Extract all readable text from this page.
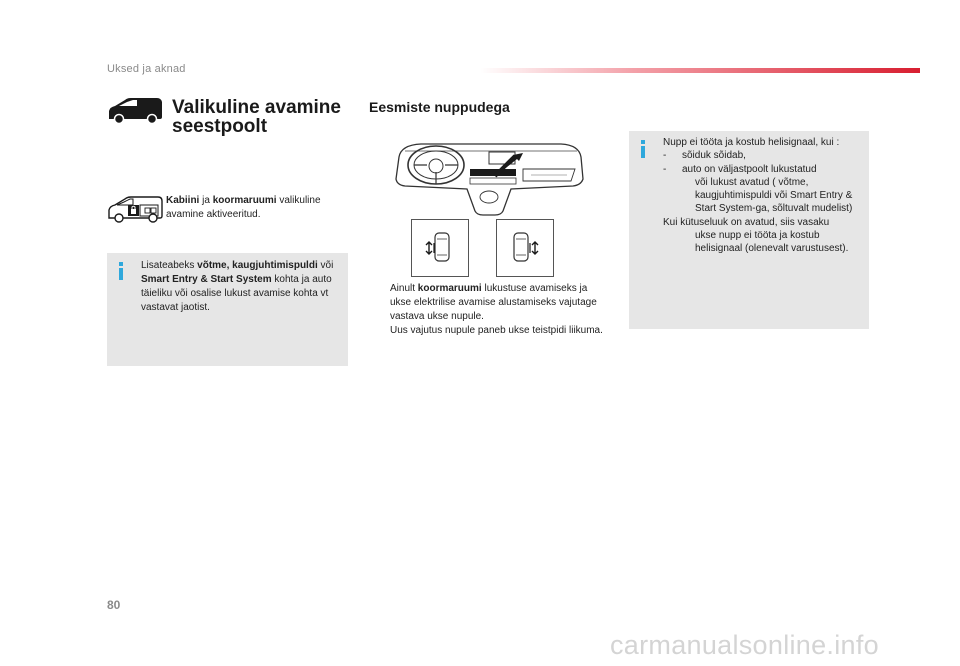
Uksed ja aknad
Valikuline avamine
seestpoolt
Kabiini ja koormaruumi valikuline avamine aktiveeritud.
Lisateabeks võtme, kaugjuhtimispuldi või Smart Entry & Start System kohta ja auto täieliku või osalise lukust avamise kohta vt vastavat jaotist.
Eesmiste nuppudega
Ainult koormaruumi lukustuse avamiseks ja ukse elektrilise avamise alustamiseks vajutage vastava ukse nupule.
Uus vajutus nupule paneb ukse teistpidi liikuma.
Nupp ei tööta ja kostub helisignaal, kui :
- sõiduk sõidab,
- auto on väljastpoolt lukustatud
või lukust avatud ( võtme, kaugjuhtimispuldi või Smart Entry & Start System-ga, sõltuvalt mudelist)
Kui kütuseluuk on avatud, siis vasaku
ukse nupp ei tööta ja kostub helisignaal (olenevalt varustusest).
80
carmanualsonline.info
